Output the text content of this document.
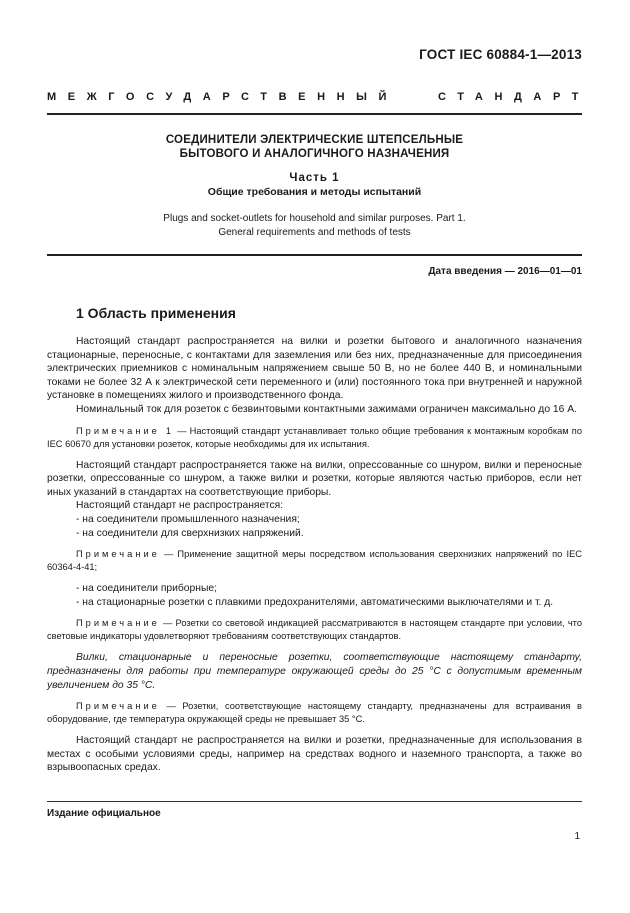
ГОСТ IEC 60884-1—2013
МЕЖГОСУДАРСТВЕННЫЙ	СТАНДАРТ
СОЕДИНИТЕЛИ ЭЛЕКТРИЧЕСКИЕ ШТЕПСЕЛЬНЫЕ
БЫТОВОГО И АНАЛОГИЧНОГО НАЗНАЧЕНИЯ
Часть 1
Общие требования и методы испытаний
Plugs and socket-outlets for household and similar purposes. Part 1.
General requirements and methods of tests
Дата введения — 2016—01—01
1 Область применения

Настоящий стандарт распространяется на вилки и розетки бытового и аналогичного назначения стационарные, переносные, с контактами для заземления или без них, предназначенные для присоединения электрических приемников с номинальным напряжением свыше 50 В, но не более 440 В, и номинальными токами не более 32 А к электрической сети переменного и (или) постоянного тока при внутренней и наружной установке в помещениях жилого и производственного фонда.

Номинальный ток для розеток с безвинтовыми контактными зажимами ограничен максимально до 16 А.

Примечание 1 — Настоящий стандарт устанавливает только общие требования к монтажным коробкам по IEC 60670 для установки розеток, которые необходимы для их испытания.

Настоящий стандарт распространяется также на вилки, опрессованные со шнуром, вилки и переносные розетки, опрессованные со шнуром, а также вилки и розетки, которые являются частью приборов, если нет иных указаний в стандартах на соответствующие приборы.

Настоящий стандарт не распространяется:

- на соединители промышленного назначения;

- на соединители для сверхнизких напряжений.

Примечание — Применение защитной меры посредством использования сверхнизких напряжений по IEC 60364-4-41;

- на соединители приборные;

- на стационарные розетки с плавкими предохранителями, автоматическими выключателями и т. д.

Примечание — Розетки со световой индикацией рассматриваются в настоящем стандарте при условии, что световые индикаторы удовлетворяют требованиям соответствующих стандартов.

Вилки, стационарные и переносные розетки, соответствующие настоящему стандарту, предназначены для работы при температуре окружающей среды до 25 °С с допустимым временным увеличением до 35 °С.

Примечание — Розетки, соответствующие настоящему стандарту, предназначены для встраивания в оборудование, где температура окружающей среды не превышает 35 °С.

Настоящий стандарт не распространяется на вилки и розетки, предназначенные для использования в местах с особыми условиями среды, например на средствах водного и наземного транспорта, а также во взрывоопасных средах.

Издание официальное
1
